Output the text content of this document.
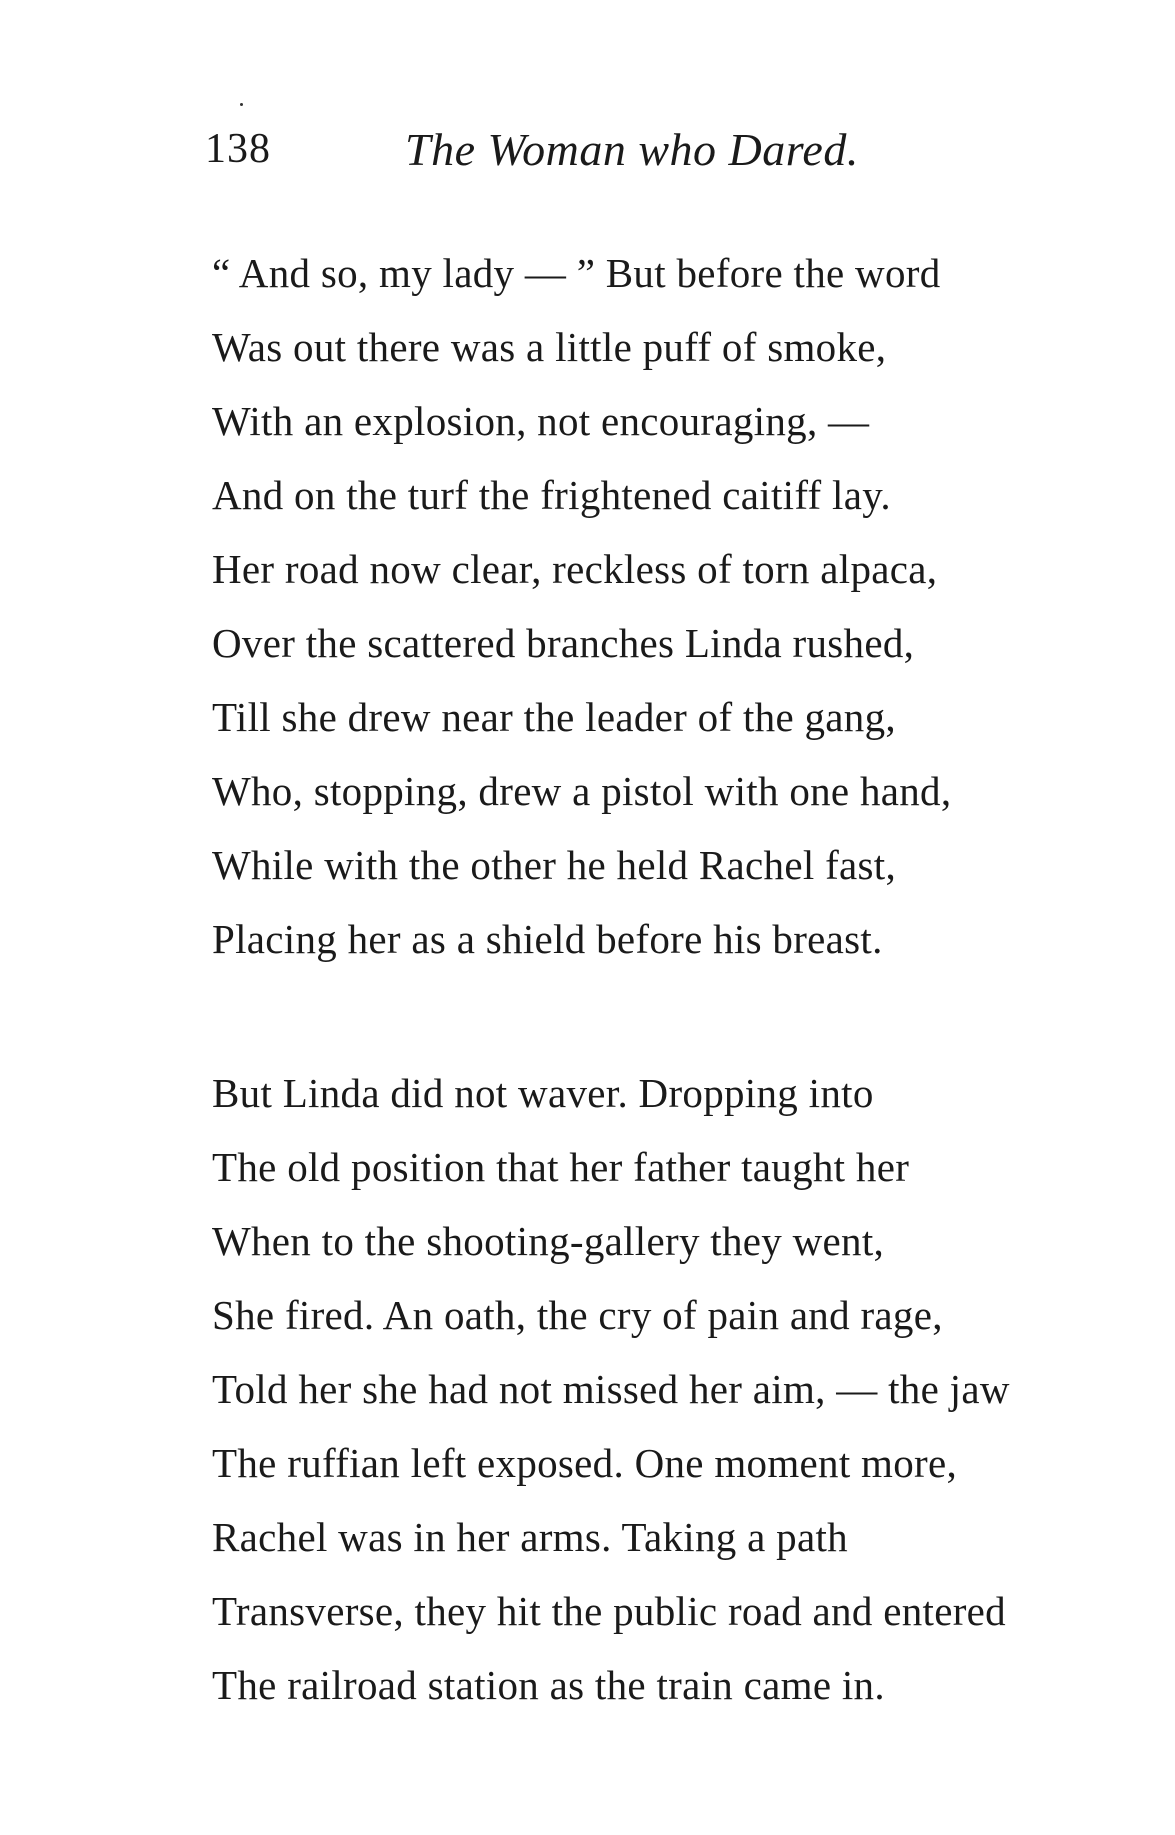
138	The Woman who Dared.
“ And so, my lady — ” But before the word
Was out there was a little puff of smoke,
With an explosion, not encouraging, —
And on the turf the frightened caitiff lay.
Her road now clear, reckless of torn alpaca,
Over the scattered branches Linda rushed,
Till she drew near the leader of the gang,
Who, stopping, drew a pistol with one hand,
While with the other he held Rachel fast,
Placing her as a shield before his breast.
But Linda did not waver. Dropping into
The old position that her father taught her
When to the shooting-gallery they went,
She fired. An oath, the cry of pain and rage,
Told her she had not missed her aim, — the jaw
The ruffian left exposed. One moment more,
Rachel was in her arms. Taking a path
Transverse, they hit the public road and entered
The railroad station as the train came in.
